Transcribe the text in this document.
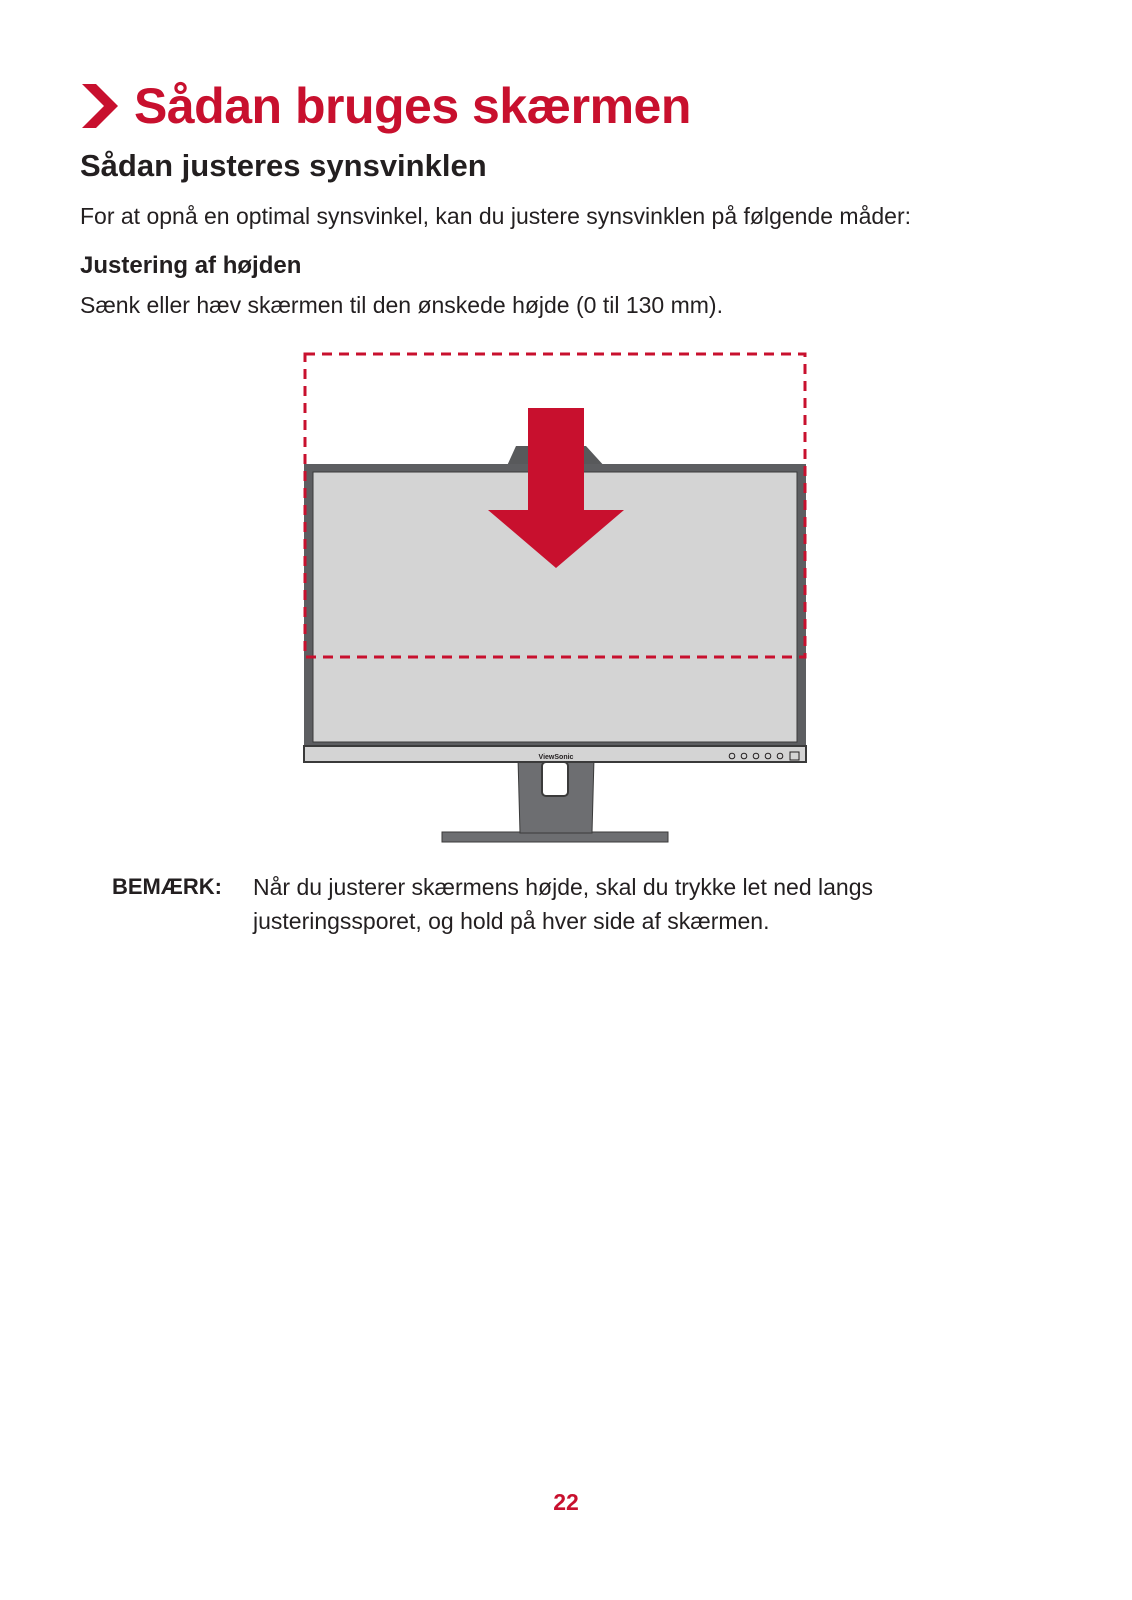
Sådan bruges skærmen
Sådan justeres synsvinklen
For at opnå en optimal synsvinkel, kan du justere synsvinklen på følgende måder:
Justering af højden
Sænk eller hæv skærmen til den ønskede højde (0 til 130 mm).
ViewSonic
BEMÆRK: Når du justerer skærmens højde, skal du trykke let ned langs justeringssporet, og hold på hver side af skærmen.
22
